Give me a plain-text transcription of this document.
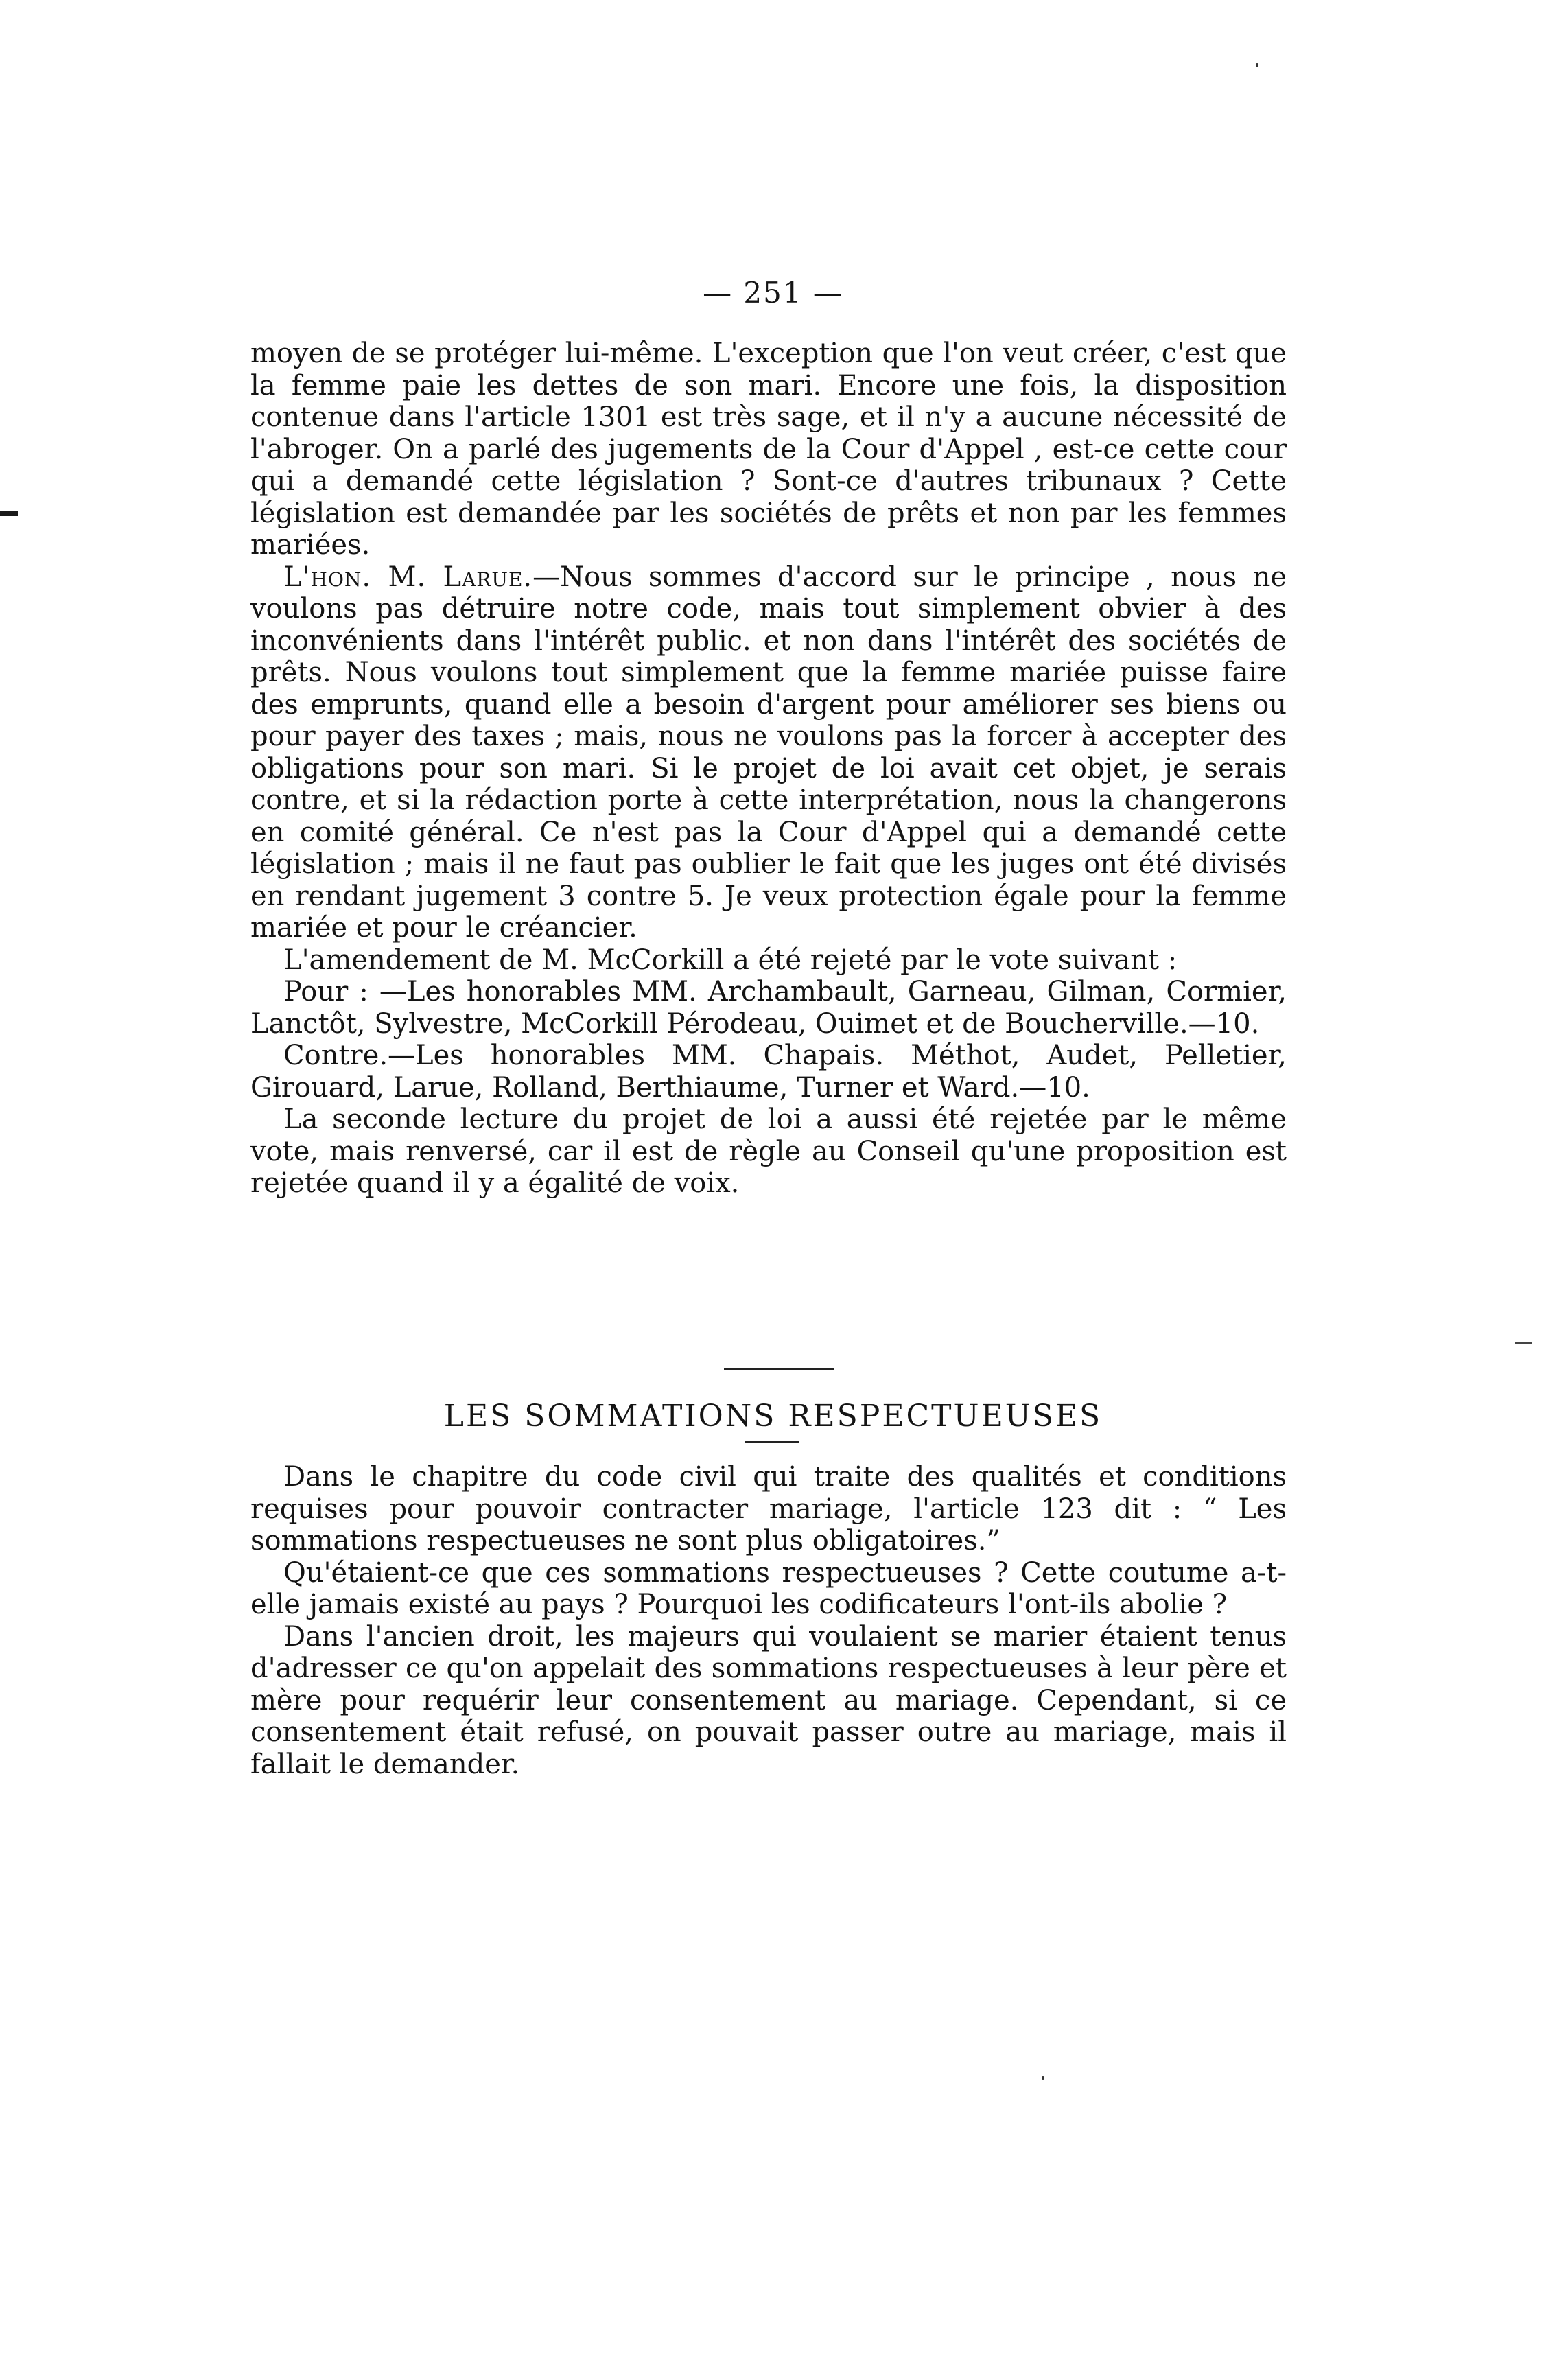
— 251 —

moyen de se protéger lui-même. L'exception que l'on veut créer, c'est que la femme paie les dettes de son mari. Encore une fois, la disposition contenue dans l'article 1301 est très sage, et il n'y a aucune nécessité de l'abroger. On a parlé des jugements de la Cour d'Appel , est-ce cette cour qui a demandé cette législation ? Sont-ce d'autres tribunaux ? Cette législation est demandée par les sociétés de prêts et non par les femmes mariées.

L'hon. M. Larue.—Nous sommes d'accord sur le principe , nous ne voulons pas détruire notre code, mais tout simplement obvier à des inconvénients dans l'intérêt public. et non dans l'intérêt des sociétés de prêts. Nous voulons tout simplement que la femme mariée puisse faire des emprunts, quand elle a besoin d'argent pour améliorer ses biens ou pour payer des taxes ; mais, nous ne voulons pas la forcer à accepter des obligations pour son mari. Si le projet de loi avait cet objet, je serais contre, et si la rédaction porte à cette interprétation, nous la changerons en comité général. Ce n'est pas la Cour d'Appel qui a demandé cette législation ; mais il ne faut pas oublier le fait que les juges ont été divisés en rendant jugement 3 contre 5. Je veux protection égale pour la femme mariée et pour le créancier.

L'amendement de M. McCorkill a été rejeté par le vote suivant :

Pour : —Les honorables MM. Archambault, Garneau, Gilman, Cormier, Lanctôt, Sylvestre, McCorkill Pérodeau, Ouimet et de Boucherville.—10.

Contre.—Les honorables MM. Chapais. Méthot, Audet, Pelletier, Girouard, Larue, Rolland, Berthiaume, Turner et Ward.—10.

La seconde lecture du projet de loi a aussi été rejetée par le même vote, mais renversé, car il est de règle au Conseil qu'une proposition est rejetée quand il y a égalité de voix.

LES SOMMATIONS RESPECTUEUSES

Dans le chapitre du code civil qui traite des qualités et conditions requises pour pouvoir contracter mariage, l'article 123 dit : “ Les sommations respectueuses ne sont plus obligatoires.”

Qu'étaient-ce que ces sommations respectueuses ? Cette coutume a-t-elle jamais existé au pays ? Pourquoi les codificateurs l'ont-ils abolie ?

Dans l'ancien droit, les majeurs qui voulaient se marier étaient tenus d'adresser ce qu'on appelait des sommations respectueuses à leur père et mère pour requérir leur consentement au mariage. Cependant, si ce consentement était refusé, on pouvait passer outre au mariage, mais il fallait le demander.
